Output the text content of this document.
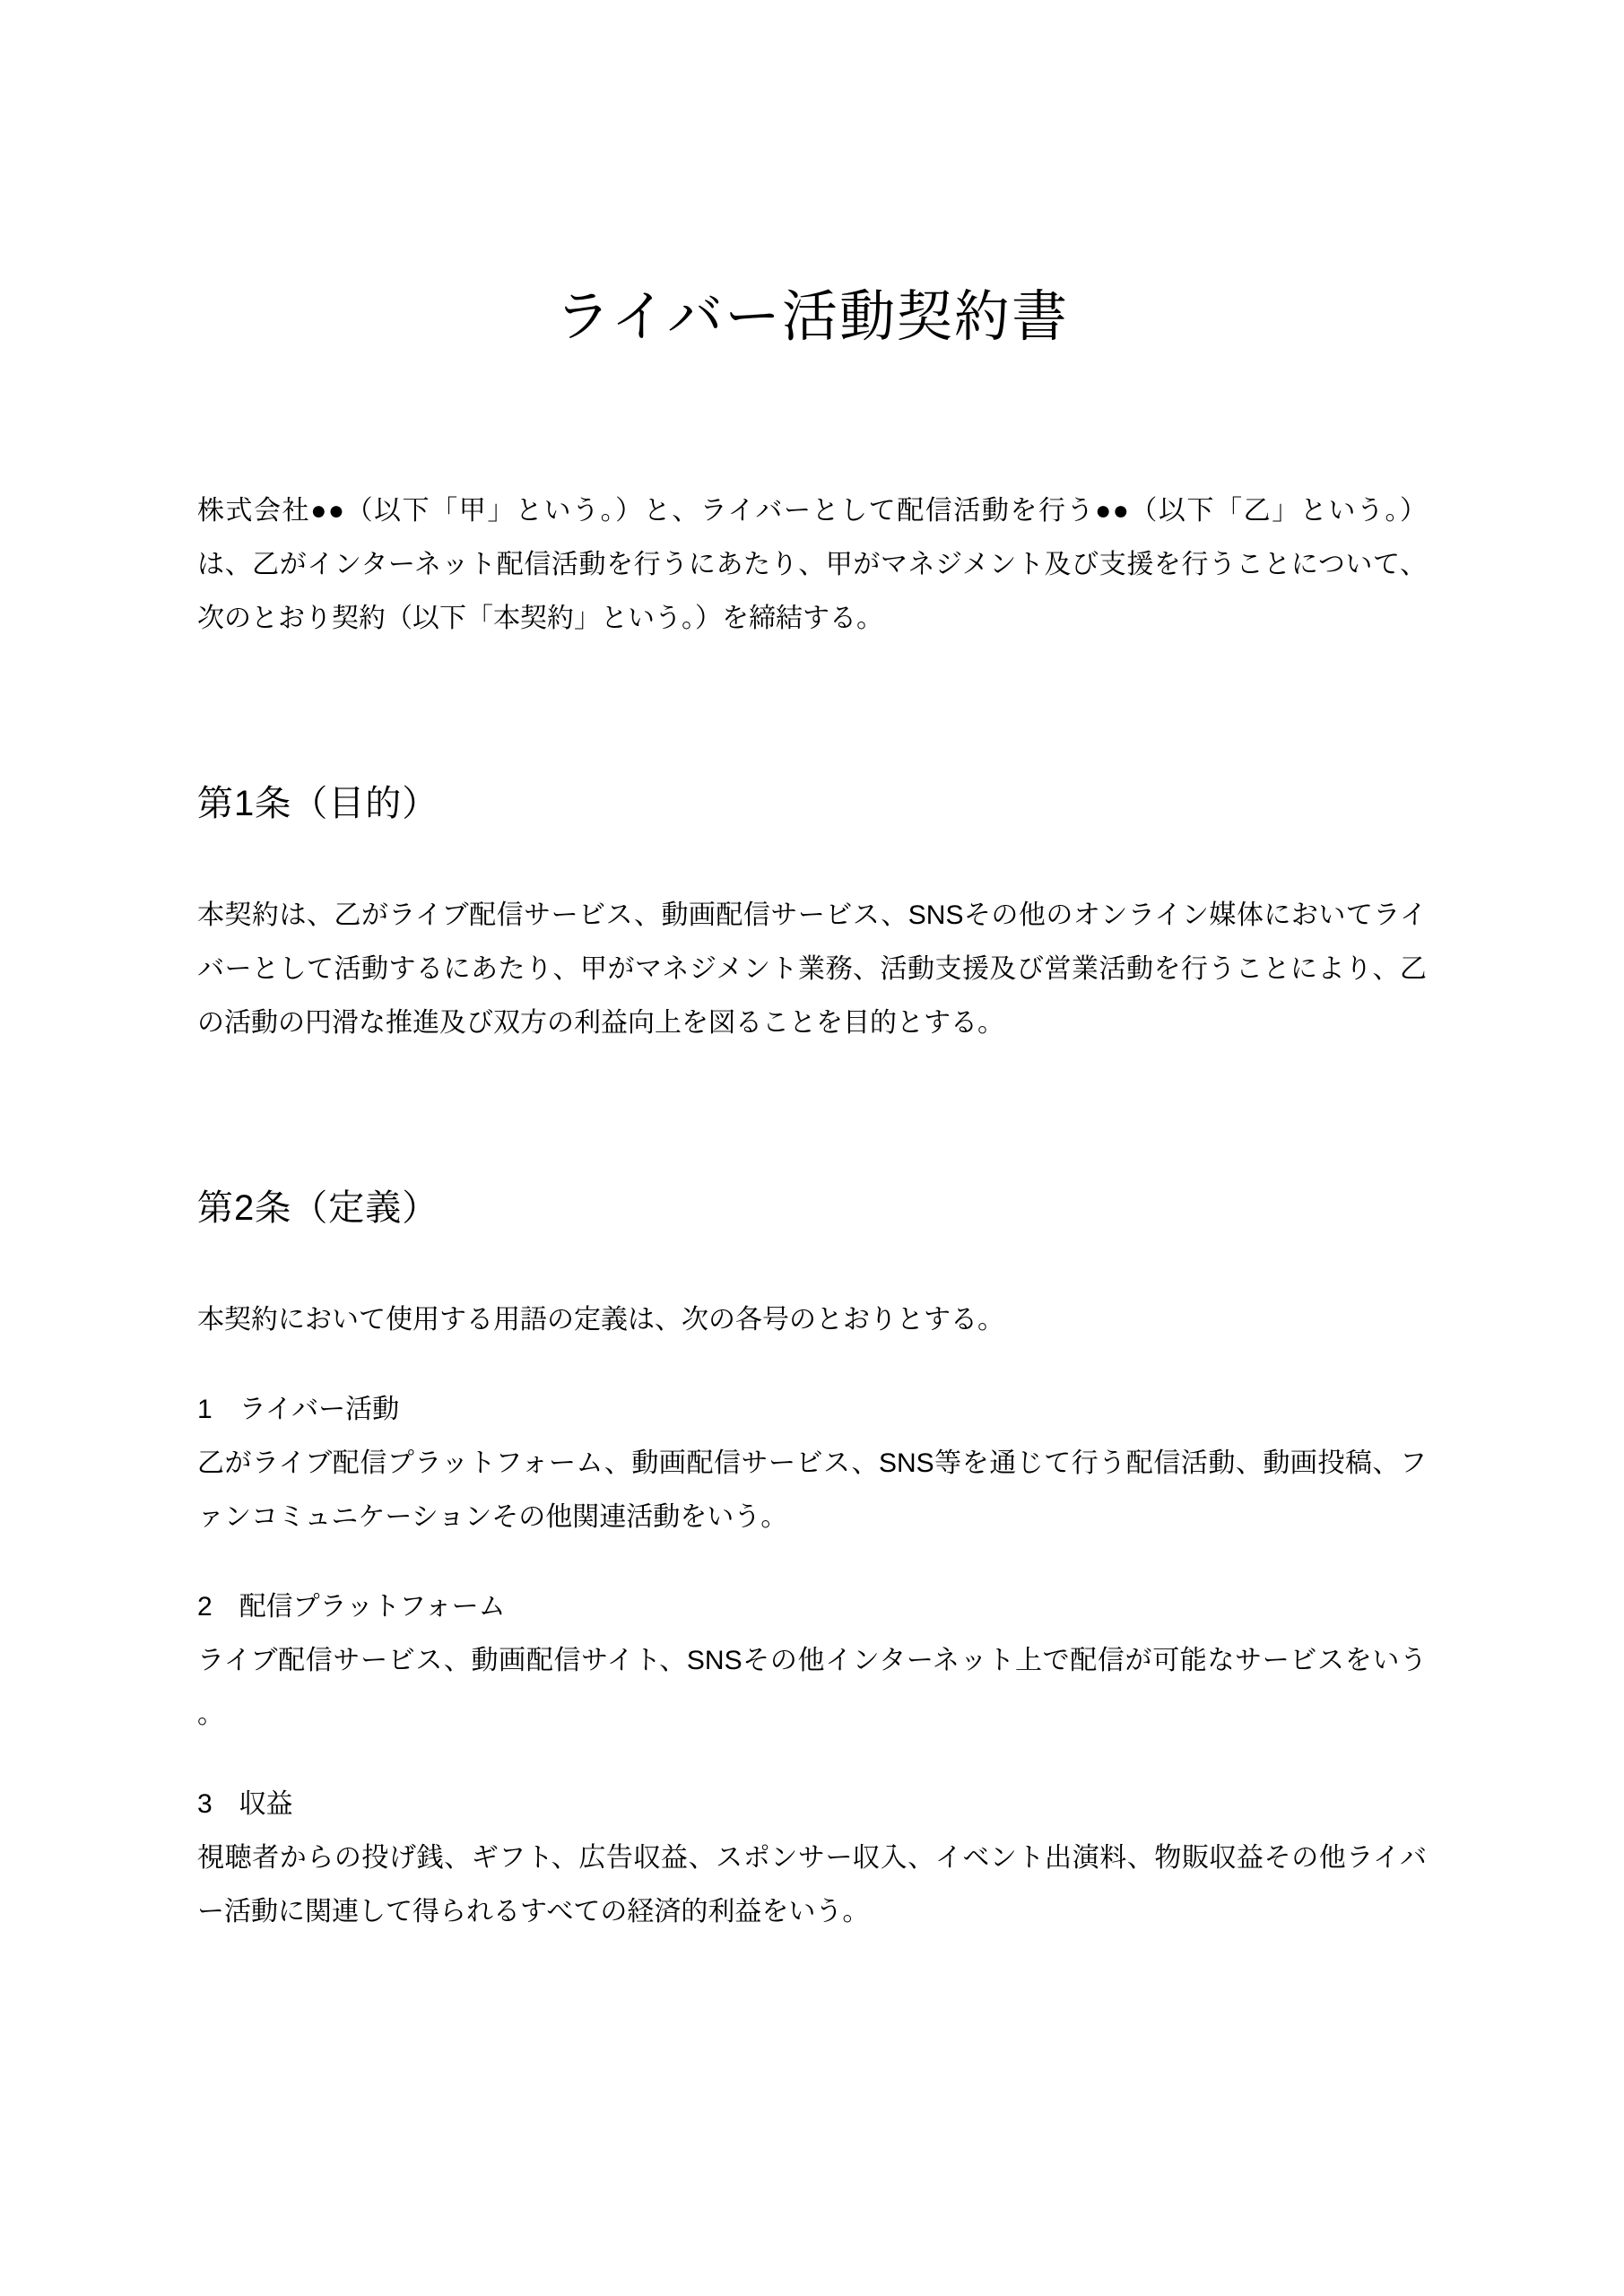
ライバー活動契約書
株式会社●●（以下「甲」という。）と、ライバーとして配信活動を行う●●（以下「乙」という。）
は、乙がインターネット配信活動を行うにあたり、甲がマネジメント及び支援を行うことについて、
次のとおり契約（以下「本契約」という。）を締結する。
第1条（目的）
本契約は、乙がライブ配信サービス、動画配信サービス、SNSその他のオンライン媒体においてライ
バーとして活動するにあたり、甲がマネジメント業務、活動支援及び営業活動を行うことにより、乙
の活動の円滑な推進及び双方の利益向上を図ることを目的とする。
第2条（定義）
本契約において使用する用語の定義は、次の各号のとおりとする。
1 ライバー活動
乙がライブ配信プラットフォーム、動画配信サービス、SNS等を通じて行う配信活動、動画投稿、フ
ァンコミュニケーションその他関連活動をいう。
2 配信プラットフォーム
ライブ配信サービス、動画配信サイト、SNSその他インターネット上で配信が可能なサービスをいう
。
3 収益
視聴者からの投げ銭、ギフト、広告収益、スポンサー収入、イベント出演料、物販収益その他ライバ
ー活動に関連して得られるすべての経済的利益をいう。
